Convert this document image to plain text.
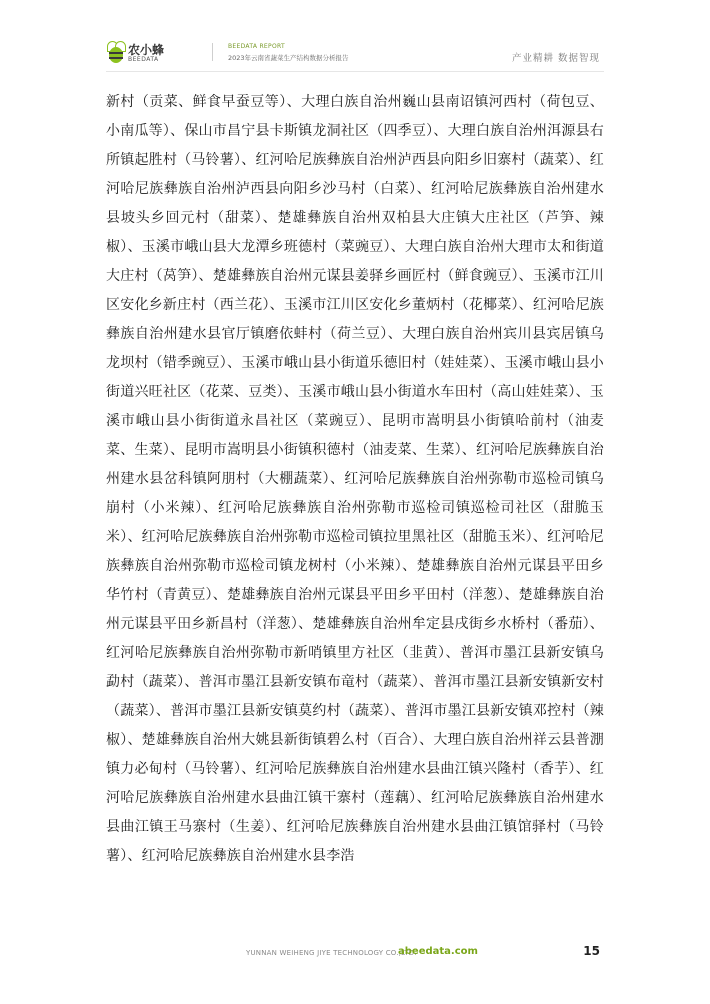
农小蜂
BEEDATA
BEEDATA REPORT
2023年云南省蔬菜生产结构数据分析报告	产业精耕 数据智现
新村（贡菜、鲜食早蚕豆等）、大理白族自治州巍山县南诏镇河西村（荷包豆、小南瓜等）、保山市昌宁县卡斯镇龙洞社区（四季豆）、大理白族自治州洱源县右所镇起胜村（马铃薯）、红河哈尼族彝族自治州泸西县向阳乡旧寨村（蔬菜）、红河哈尼族彝族自治州泸西县向阳乡沙马村（白菜）、红河哈尼族彝族自治州建水县坡头乡回元村（甜菜）、楚雄彝族自治州双柏县大庄镇大庄社区（芦笋、辣椒）、玉溪市峨山县大龙潭乡班德村（菜豌豆）、大理白族自治州大理市太和街道大庄村（莴笋）、楚雄彝族自治州元谋县姜驿乡画匠村（鲜食豌豆）、玉溪市江川区安化乡新庄村（西兰花）、玉溪市江川区安化乡董炳村（花椰菜）、红河哈尼族彝族自治州建水县官厅镇磨依蚌村（荷兰豆）、大理白族自治州宾川县宾居镇乌龙坝村（错季豌豆）、玉溪市峨山县小街道乐德旧村（娃娃菜）、玉溪市峨山县小街道兴旺社区（花菜、豆类）、玉溪市峨山县小街道水车田村（高山娃娃菜）、玉溪市峨山县小街街道永昌社区（菜豌豆）、昆明市嵩明县小街镇哈前村（油麦菜、生菜）、昆明市嵩明县小街镇积德村（油麦菜、生菜）、红河哈尼族彝族自治州建水县岔科镇阿朋村（大棚蔬菜）、红河哈尼族彝族自治州弥勒市巡检司镇乌崩村（小米辣）、红河哈尼族彝族自治州弥勒市巡检司镇巡检司社区（甜脆玉米）、红河哈尼族彝族自治州弥勒市巡检司镇拉里黑社区（甜脆玉米）、红河哈尼族彝族自治州弥勒市巡检司镇龙树村（小米辣）、楚雄彝族自治州元谋县平田乡华竹村（青黄豆）、楚雄彝族自治州元谋县平田乡平田村（洋葱）、楚雄彝族自治州元谋县平田乡新昌村（洋葱）、楚雄彝族自治州牟定县戌街乡水桥村（番茄）、红河哈尼族彝族自治州弥勒市新哨镇里方社区（韭黄）、普洱市墨江县新安镇乌勐村（蔬菜）、普洱市墨江县新安镇布竜村（蔬菜）、普洱市墨江县新安镇新安村（蔬菜）、普洱市墨江县新安镇莫约村（蔬菜）、普洱市墨江县新安镇邓控村（辣椒）、楚雄彝族自治州大姚县新街镇碧么村（百合）、大理白族自治州祥云县普淜镇力必甸村（马铃薯）、红河哈尼族彝族自治州建水县曲江镇兴隆村（香芋）、红河哈尼族彝族自治州建水县曲江镇干寨村（莲藕）、红河哈尼族彝族自治州建水县曲江镇王马寨村（生姜）、红河哈尼族彝族自治州建水县曲江镇馆驿村（马铃薯）、红河哈尼族彝族自治州建水县李浩
YUNNAN WEIHENG JIYE TECHNOLOGY CO.,LTD.
abeedata.com	15
